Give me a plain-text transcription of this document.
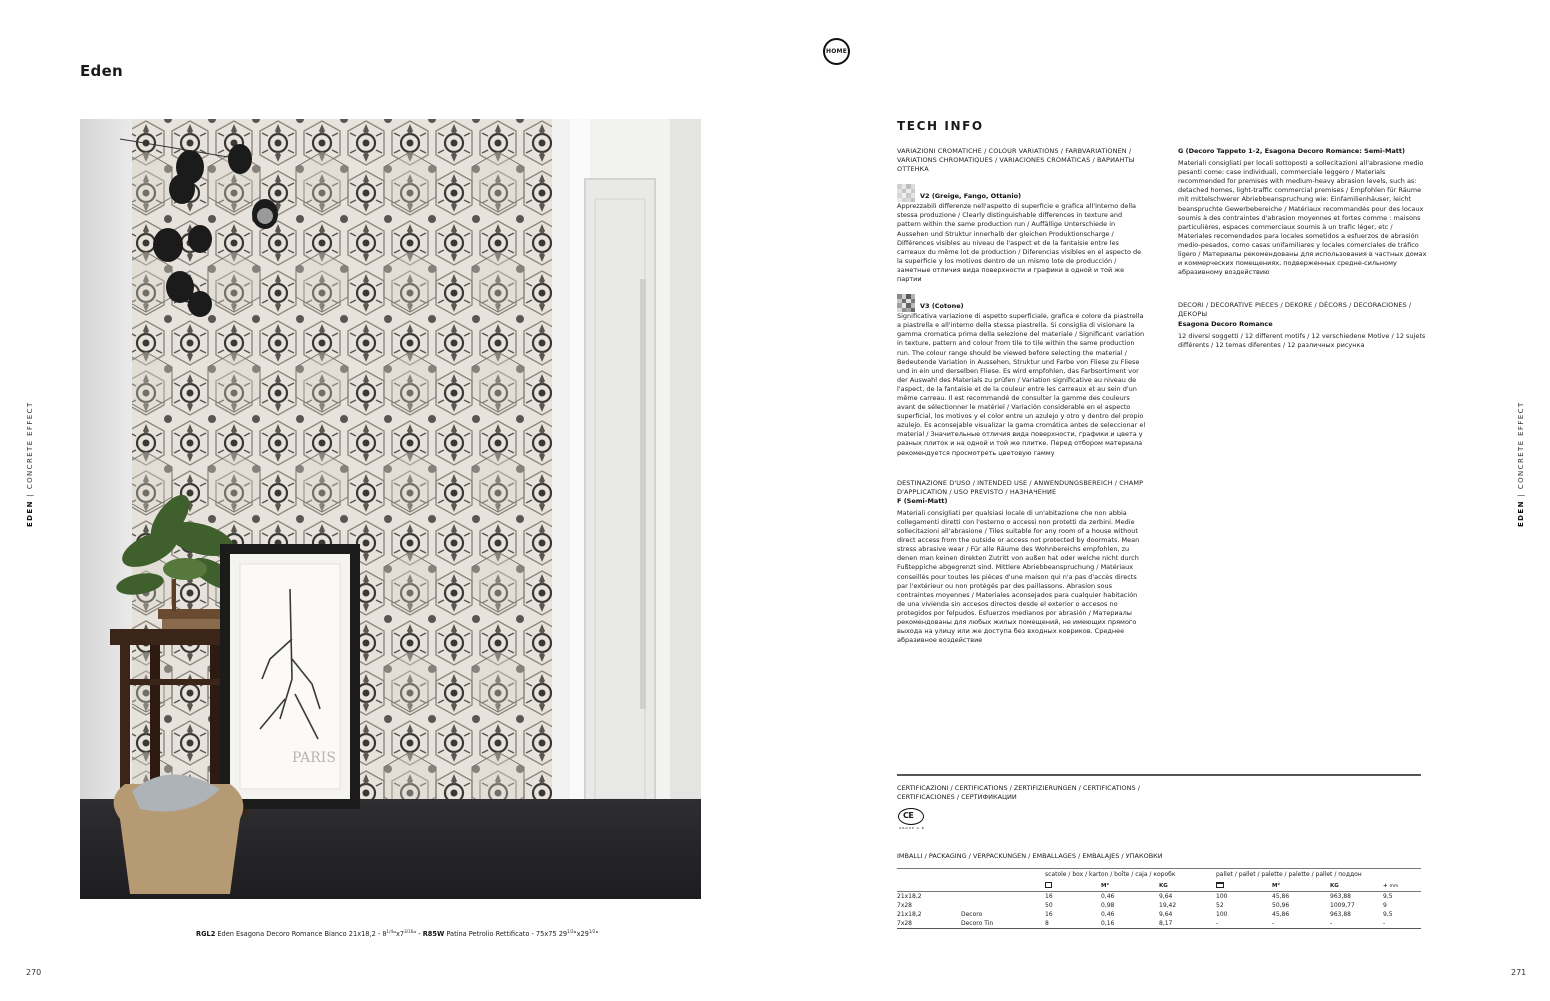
HOME
Eden
EDEN | CONCRETE EFFECT
PARIS
RGL2 Eden Esagona Decoro Romance Bianco $21x18,2 - 8^{1/4}"x7^{3/16}$" - R85W Patina Petrolio Rettificato - 75x75 $29^{1/2}"x29^{1/2}$"
270
EDEN | CONCRETE EFFECT
271
TECH INFO

VARIAZIONI CROMATICHE / COLOUR VARIATIONS / FARBVARIATIONEN / VARIATIONS CHROMATIQUES / VARIACIONES CROMÁTICAS / ВАРИАНТЫ ОТТЕНКА

V2 (Greige, Fango, Ottanio)

Apprezzabili differenze nell'aspetto di superficie e grafica all'interno della stessa produzione / Clearly distinguishable differences in texture and pattern within the same production run / Auffällige Unterschiede in Aussehen und Struktur innerhalb der gleichen Produktionscharge / Différences visibles au niveau de l'aspect et de la fantaisie entre les carreaux du même lot de production / Diferencias visibles en el aspecto de la superficie y los motivos dentro de un mismo lote de producción / заметные отличия вида поверхности и графики в одной и той же партии

V3 (Cotone)

Significativa variazione di aspetto superficiale, grafica e colore da piastrella a piastrella e all'interno della stessa piastrella. Si consiglia di visionare la gamma cromatica prima della selezione del materiale / Significant variation in texture, pattern and colour from tile to tile within the same production run. The colour range should be viewed before selecting the material / Bedeutende Variation in Aussehen, Struktur und Farbe von Fliese zu Fliese und in ein und derselben Fliese. Es wird empfohlen, das Farbsortiment vor der Auswahl des Materials zu prüfen / Variation significative au niveau de l'aspect, de la fantaisie et de la couleur entre les carreaux et au sein d'un même carreau. Il est recommandé de consulter la gamme des couleurs avant de sélectionner le matériel / Variación considerable en el aspecto superficial, los motivos y el color entre un azulejo y otro y dentro del propio azulejo. Es aconsejable visualizar la gama cromática antes de seleccionar el material / Значительные отличия вида поверхности, графики и цвета у разных плиток и на одной и той же плитке. Перед отбором материала рекомендуется просмотреть цветовую гамму

DESTINAZIONE D'USO / INTENDED USE / ANWENDUNGSBEREICH / CHAMP D'APPLICATION / USO PREVISTO / НАЗНАЧЕНИЕ

F (Semi-Matt)

Materiali consigliati per qualsiasi locale di un'abitazione che non abbia collegamenti diretti con l'esterno o accessi non protetti da zerbini. Medie sollecitazioni all'abrasione / Tiles suitable for any room of a house without direct access from the outside or access not protected by doormats. Mean stress abrasive wear / Für alle Räume des Wohnbereichs empfohlen, zu denen man keinen direkten Zutritt von außen hat oder welche nicht durch Fußteppiche abgegrenzt sind. Mittlere Abriebbeanspruchung / Matériaux conseillés pour toutes les pièces d'une maison qui n'a pas d'accès directs par l'extérieur ou non protégés par des paillassons. Abrasion sous contraintes moyennes / Materiales aconsejados para cualquier habitación de una vivienda sin accesos directos desde el exterior o accesos no protegidos por felpudos. Esfuerzos medianos por abrasión / Материалы рекомендованы для любых жилых помещений, не имеющих прямого выхода на улицу или же доступа без входных ковриков. Среднее абразивное воздействие

G (Decoro Tappeto 1-2, Esagona Decoro Romance: Semi-Matt)

Materiali consigliati per locali sottoposti a sollecitazioni all'abrasione medio pesanti come: case individuali, commerciale leggero / Materials recommended for premises with medium-heavy abrasion levels, such as: detached homes, light-traffic commercial premises / Empfohlen für Räume mit mittelschwerer Abriebbeanspruchung wie: Einfamilienhäuser, leicht beanspruchte Gewerbebereiche / Matériaux recommandés pour des locaux soumis à des contraintes d'abrasion moyennes et fortes comme : maisons particulières, espaces commerciaux soumis à un trafic léger, etc / Materiales recomendados para locales sometidos a esfuerzos de abrasión medio-pesados, como casas unifamiliares y locales comerciales de tráfico ligero / Материалы рекомендованы для использования в частных домах и коммерческих помещениях, подверженных средне-сильному абразивному воздействию

DECORI / DECORATIVE PIECES / DEKORE / DÉCORS / DECORACIONES / ДЕКОРЫ

Esagona Decoro Romance

12 diversi soggetti / 12 different motifs / 12 verschiedene Motive / 12 sujets différents / 12 temas diferentes / 12 различных рисунка

CERTIFICAZIONI / CERTIFICATIONS / ZERTIFIZIERUNGEN / CERTIFICATIONS / CERTIFICACIONES / СЕРТИФИКАЦИИ
CE
GROUP A B
IMBALLI / PACKAGING / VERPACKUNGEN / EMBALLAGES / EMBALAJES / УПАКОВКИ
		scatole / box / karton / boîte / caja / коробк			pallet / pallet / palette / palette / pallet / поддон			
			M²	KG		M²	KG	+ mm
21x18,2		16	0,46	9,64	100	45,86	963,88	9,5
7x28		50	0,98	19,42	52	50,96	1009,77	9
21x18,2	Decoro	16	0,46	9,64	100	45,86	963,88	9,5
7x28	Decoro Tin	8	0,16	8,17	-	-	-	-
